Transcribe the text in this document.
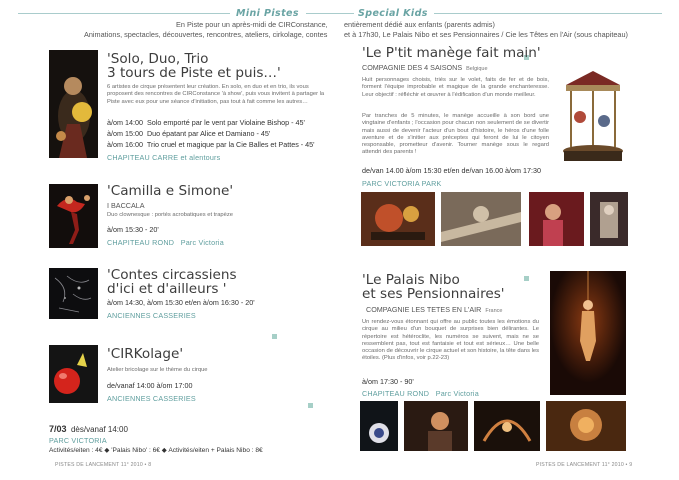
Mini Pistes	Special Kids
En Piste pour un après-midi de CIRConstance,
Animations, spectacles, découvertes, rencontres, ateliers, cirkolage, contes
entièrement dédié aux enfants (parents admis)
et à 17h30, Le Palais Nibo et ses Pensionnaires / Cie les Têtes en l'Air (sous chapiteau)
'Solo, Duo, Trio
3 tours de Piste et puis…'
6 artistes de cirque présentent leur création. En solo, en duo et en trio, ils vous proposent des rencontres de CIRConstance 'à show', puis vous invitent à partager la Piste avec eux pour une séance d'initiation, pas tout à fait comme les autres…
à/om 14:00 Solo emporté par le vent par Violaine Bishop - 45'
à/om 15:00 Duo épatant par Alice et Damiano - 45'
à/om 16:00 Trio cruel et magique par la Cie Balles et Pattes - 45'
CHAPITEAU CARRE et alentours
'Camilla e Simone'
I BACCALA
Duo clownesque : portés acrobatiques et trapèze
à/om 15:30 - 20'
CHAPITEAU ROND Parc Victoria
'Contes circassiens
d'ici et d'ailleurs '
à/om 14:30, à/om 15:30 et/en à/om 16:30 - 20'
ANCIENNES CASSERIES
'CIRKolage'
Atelier bricolage sur le thème du cirque
de/vanaf 14:00 à/om 17:00
ANCIENNES CASSERIES
7/03 dès/vanaf 14:00
PARC VICTORIA
Activités/eiten : 4€ ◆ 'Palais Nibo' : 6€ ◆ Activités/eiten + Palais Nibo : 8€
PISTES DE LANCEMENT 11° 2010 • 8
'Le P'tit manège fait main'
COMPAGNIE DES 4 SAISONS Belgique
Huit personnages choisis, triés sur le volet, faits de fer et de bois, forment l'équipe improbable et magique de la grande enchanteresse. Leur objectif : réfléchir et œuvrer à l'édification d'un monde meilleur.
Par tranches de 5 minutes, le manège accueille à son bord une vingtaine d'enfants ; l'occasion pour chacun non seulement de se divertir mais aussi de devenir l'acteur d'un bout d'histoire, le héros d'une folle aventure et de s'initier aux préceptes qui feront de lui le citoyen responsable, prometteur d'avenir. Tourner manège sous le regard attendri des parents !
de/van 14.00 à/om 15:30 et/en de/van 16.00 à/om 17:30
PARC VICTORIA PARK
'Le Palais Nibo
et ses Pensionnaires'
COMPAGNIE LES TETES EN L'AIR France
Un rendez-vous étonnant qui offre au public toutes les émotions du cirque au milieu d'un bouquet de surprises bien délirantes. Le répertoire est hétéroclite, les numéros se suivent, mais ne se ressemblent pas, tout est fantaisie et tout est sérieux… Une belle occasion de découvrir le cirque actuel et son histoire, la tête dans les étoiles. (Plus d'infos, voir p.22-23)
à/om 17:30 - 90'
CHAPITEAU ROND Parc Victoria
PISTES DE LANCEMENT 11° 2010 • 9
